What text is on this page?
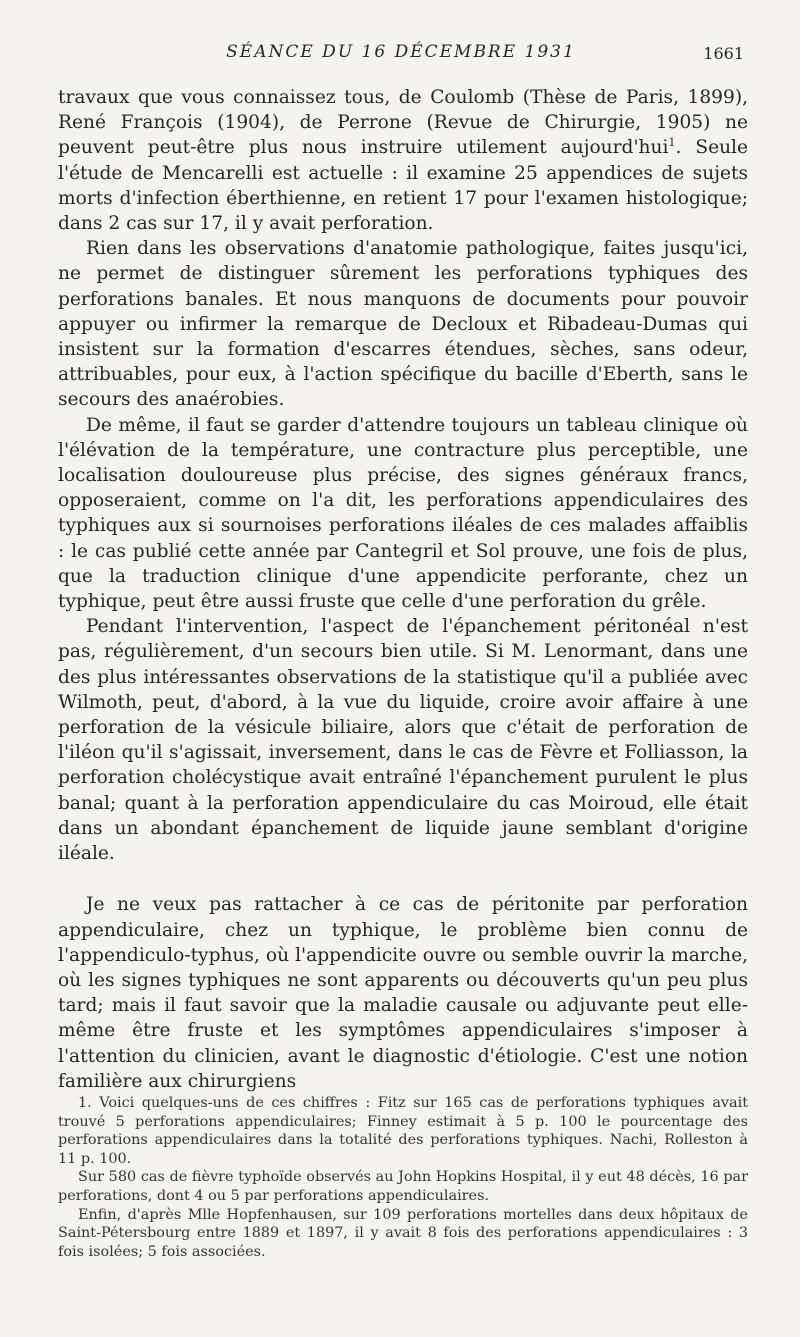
SÉANCE DU 16 DÉCEMBRE 1931	1661

travaux que vous connaissez tous, de Coulomb (Thèse de Paris, 1899), René François (1904), de Perrone (Revue de Chirurgie, 1905) ne peuvent peut-être plus nous instruire utilement aujourd'hui$^1$. Seule l'étude de Mencarelli est actuelle : il examine 25 appendices de sujets morts d'infection éberthienne, en retient 17 pour l'examen histologique; dans 2 cas sur 17, il y avait perforation.

Rien dans les observations d'anatomie pathologique, faites jusqu'ici, ne permet de distinguer sûrement les perforations typhiques des perforations banales. Et nous manquons de documents pour pouvoir appuyer ou infirmer la remarque de Decloux et Ribadeau-Dumas qui insistent sur la formation d'escarres étendues, sèches, sans odeur, attribuables, pour eux, à l'action spécifique du bacille d'Eberth, sans le secours des anaérobies.

De même, il faut se garder d'attendre toujours un tableau clinique où l'élévation de la température, une contracture plus perceptible, une localisation douloureuse plus précise, des signes généraux francs, opposeraient, comme on l'a dit, les perforations appendiculaires des typhiques aux si sournoises perforations iléales de ces malades affaiblis : le cas publié cette année par Cantegril et Sol prouve, une fois de plus, que la traduction clinique d'une appendicite perforante, chez un typhique, peut être aussi fruste que celle d'une perforation du grêle.

Pendant l'intervention, l'aspect de l'épanchement péritonéal n'est pas, régulièrement, d'un secours bien utile. Si M. Lenormant, dans une des plus intéressantes observations de la statistique qu'il a publiée avec Wilmoth, peut, d'abord, à la vue du liquide, croire avoir affaire à une perforation de la vésicule biliaire, alors que c'était de perforation de l'iléon qu'il s'agissait, inversement, dans le cas de Fèvre et Folliasson, la perforation cholécystique avait entraîné l'épanchement purulent le plus banal; quant à la perforation appendiculaire du cas Moiroud, elle était dans un abondant épanchement de liquide jaune semblant d'origine iléale.

Je ne veux pas rattacher à ce cas de péritonite par perforation appendiculaire, chez un typhique, le problème bien connu de l'appendiculo-typhus, où l'appendicite ouvre ou semble ouvrir la marche, où les signes typhiques ne sont apparents ou découverts qu'un peu plus tard; mais il faut savoir que la maladie causale ou adjuvante peut elle-même être fruste et les symptômes appendiculaires s'imposer à l'attention du clinicien, avant le diagnostic d'étiologie. C'est une notion familière aux chirurgiens

1. Voici quelques-uns de ces chiffres : Fitz sur 165 cas de perforations typhiques avait trouvé 5 perforations appendiculaires; Finney estimait à 5 p. 100 le pourcentage des perforations appendiculaires dans la totalité des perforations typhiques. Nachi, Rolleston à 11 p. 100.

Sur 580 cas de fièvre typhoïde observés au John Hopkins Hospital, il y eut 48 décès, 16 par perforations, dont 4 ou 5 par perforations appendiculaires.

Enfin, d'après Mlle Hopfenhausen, sur 109 perforations mortelles dans deux hôpitaux de Saint-Pétersbourg entre 1889 et 1897, il y avait 8 fois des perforations appendiculaires : 3 fois isolées; 5 fois associées.
